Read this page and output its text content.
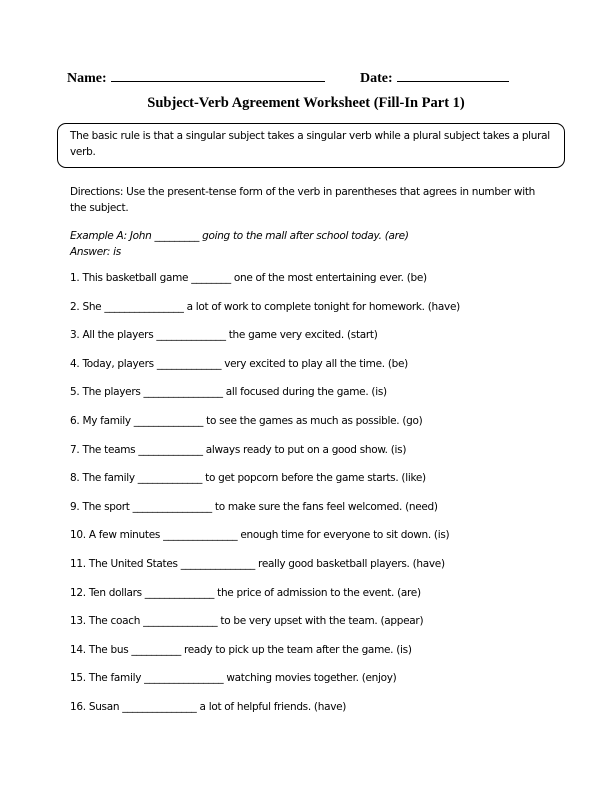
Name:	Date:
Subject-Verb Agreement Worksheet (Fill-In Part 1)
The basic rule is that a singular subject takes a singular verb while a plural subject takes a plural verb.
Directions: Use the present-tense form of the verb in parentheses that agrees in number with the subject.
Example A: John _________ going to the mall after school today. (are)
Answer: is
1. This basketball game ________ one of the most entertaining ever. (be)
2. She ________________ a lot of work to complete tonight for homework. (have)
3. All the players ______________ the game very excited. (start)
4. Today, players _____________ very excited to play all the time. (be)
5. The players ________________ all focused during the game. (is)
6. My family ______________ to see the games as much as possible. (go)
7. The teams _____________ always ready to put on a good show. (is)
8. The family _____________ to get popcorn before the game starts. (like)
9. The sport ________________ to make sure the fans feel welcomed. (need)
10. A few minutes _______________ enough time for everyone to sit down. (is)
11. The United States _______________ really good basketball players. (have)
12. Ten dollars ______________ the price of admission to the event. (are)
13. The coach _______________ to be very upset with the team. (appear)
14. The bus __________ ready to pick up the team after the game. (is)
15. The family ________________ watching movies together. (enjoy)
16. Susan _______________ a lot of helpful friends. (have)
